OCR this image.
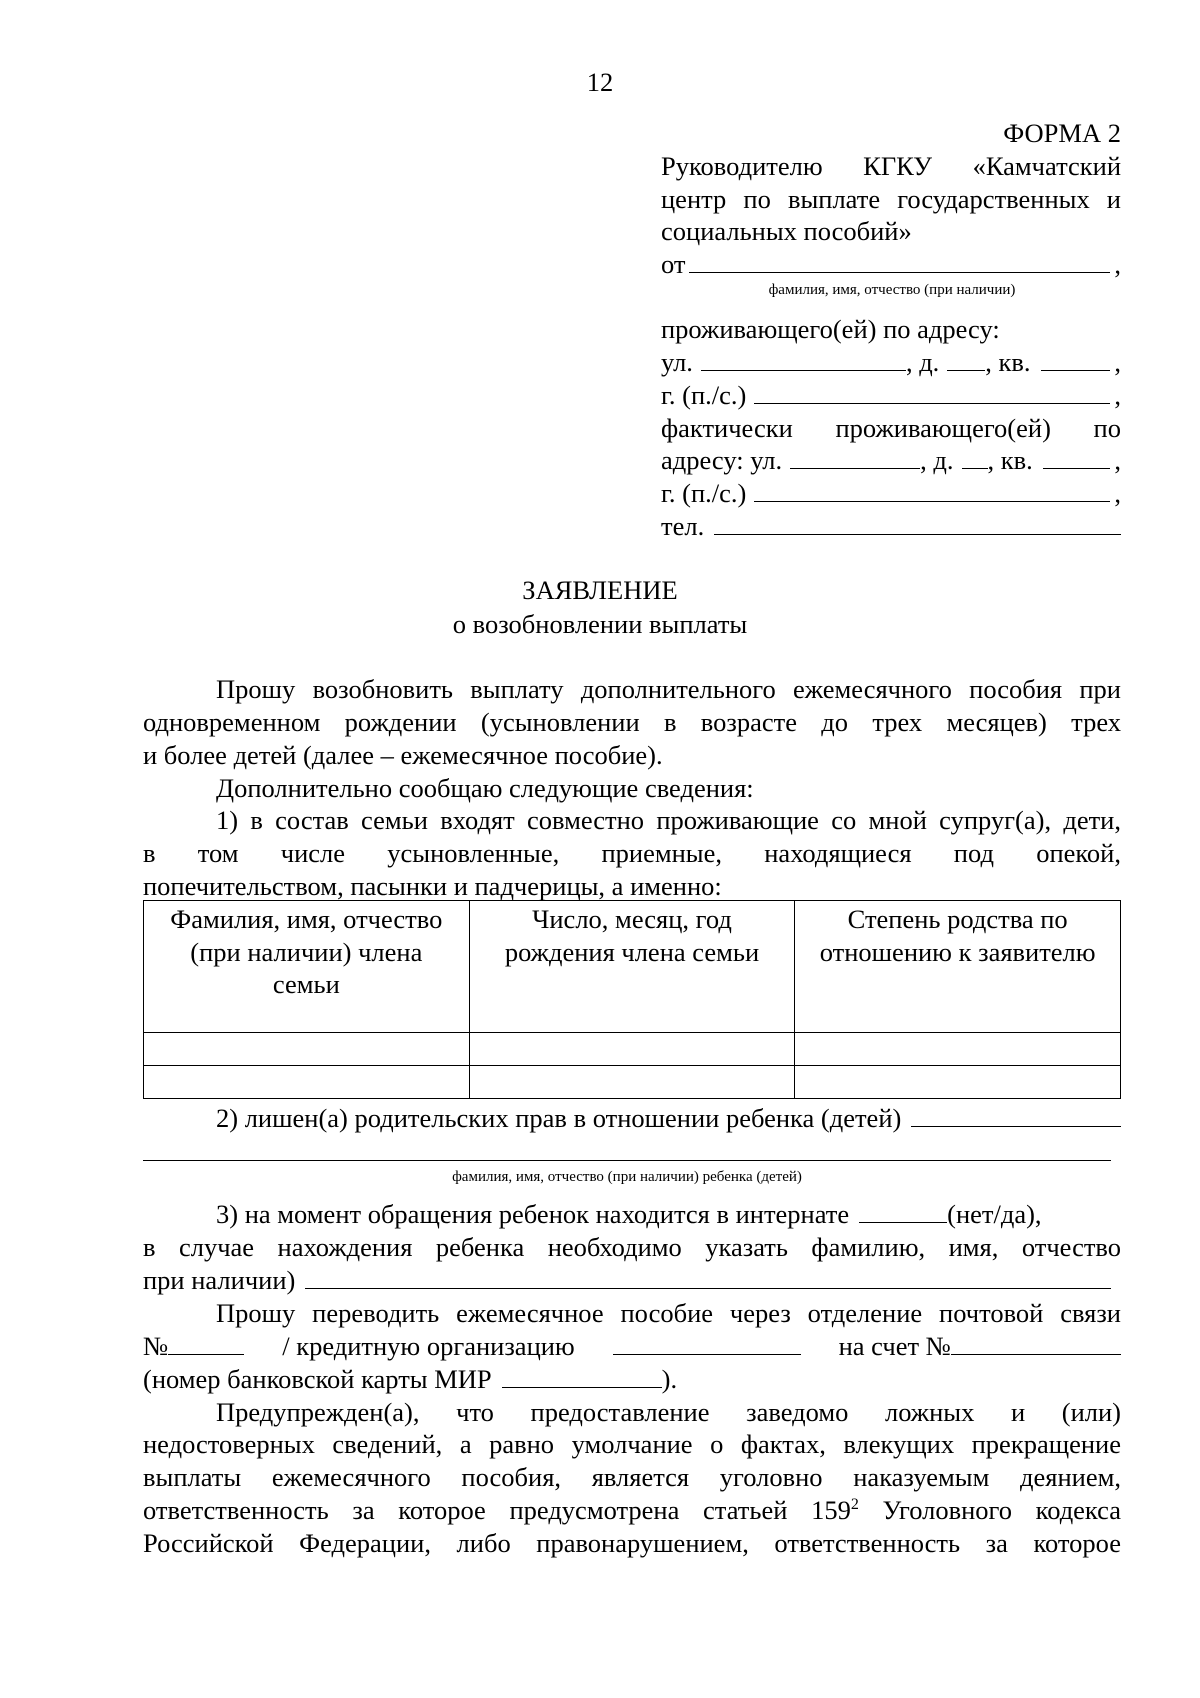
12
ФОРМА 2
Руководителю КГКУ «Камчатский
центр по выплате государственных и
социальных пособий»
от	,
фамилия, имя, отчество (при наличии)
проживающего(ей) по адресу:
ул.	, д. , кв.	,
г. (п./с.)	,
фактически проживающего(ей) по
адресу: ул.	, д. , кв.	,
г. (п./с.)	,
тел.
ЗАЯВЛЕНИЕ
о возобновлении выплаты
Прошу возобновить выплату дополнительного ежемесячного пособия при
одновременном рождении (усыновлении в возрасте до трех месяцев) трех
и более детей (далее – ежемесячное пособие).
Дополнительно сообщаю следующие сведения:
1) в состав семьи входят совместно проживающие со мной супруг(а), дети,
в том числе усыновленные, приемные, находящиеся под опекой,
попечительством, пасынки и падчерицы, а именно:
Фамилия, имя, отчество (при наличии) члена семьи	Число, месяц, год рождения члена семьи	Степень родства по отношению к заявителю

2) лишен(а) родительских прав в отношении ребенка (детей)
фамилия, имя, отчество (при наличии) ребенка (детей)
3) на момент обращения ребенок находится в интернате	(нет/да),
в случае нахождения ребенка необходимо указать фамилию, имя, отчество
при наличии)
Прошу переводить ежемесячное пособие через отделение почтовой связи
№	/ кредитную организацию	на счет №
(номер банковской карты МИР	).
Предупрежден(а), что предоставление заведомо ложных и (или)
недостоверных сведений, а равно умолчание о фактах, влекущих прекращение
выплаты ежемесячного пособия, является уголовно наказуемым деянием,
ответственность за которое предусмотрена статьей $159^2$ Уголовного кодекса
Российской Федерации, либо правонарушением, ответственность за которое
